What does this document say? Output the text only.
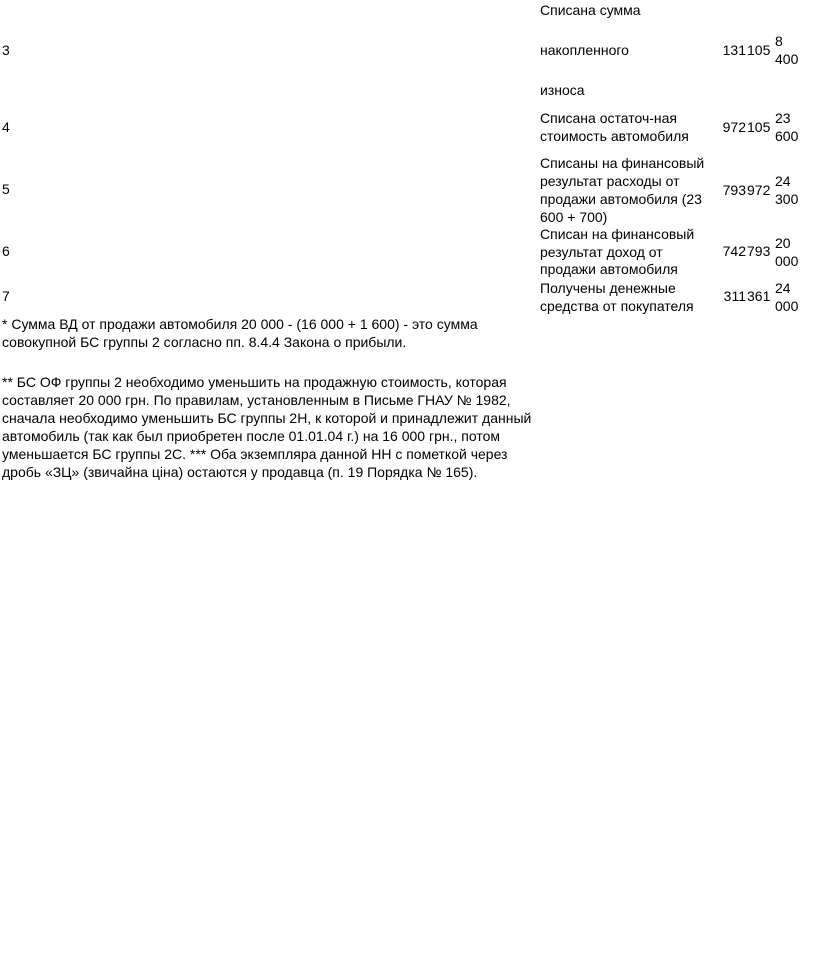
3
Списана сумма
накопленного
износа
131 105
8
400
4
Списана остаточ-ная
стоимость автомобиля
972 105
23
600
5
Списаны на финансовый
результат расходы от
продажи автомобиля (23
600 + 700)
793 972
24
300
6
Списан на финансовый
результат доход от
продажи автомобиля
742 793 20
000
7	Получены денежные
средства от покупателя
311 361 24
000
* Сумма ВД от продажи автомобиля 20 000 - (16 000 + 1 600) - это сумма совокупной БС группы 2 согласно пп. 8.4.4 Закона о прибыли.
** БС ОФ группы 2 необходимо уменьшить на продажную стоимость, которая составляет 20 000 грн. По правилам, установленным в Письме ГНАУ № 1982, сначала необходимо уменьшить БС группы 2Н, к которой и принадлежит данный автомобиль (так как был приобретен после 01.01.04 г.) на 16 000 грн., потом уменьшается БС группы 2С. *** Оба экземпляра данной НН с пометкой через дробь «ЗЦ» (звичайна ціна) остаются у продавца (п. 19 Порядка № 165).
